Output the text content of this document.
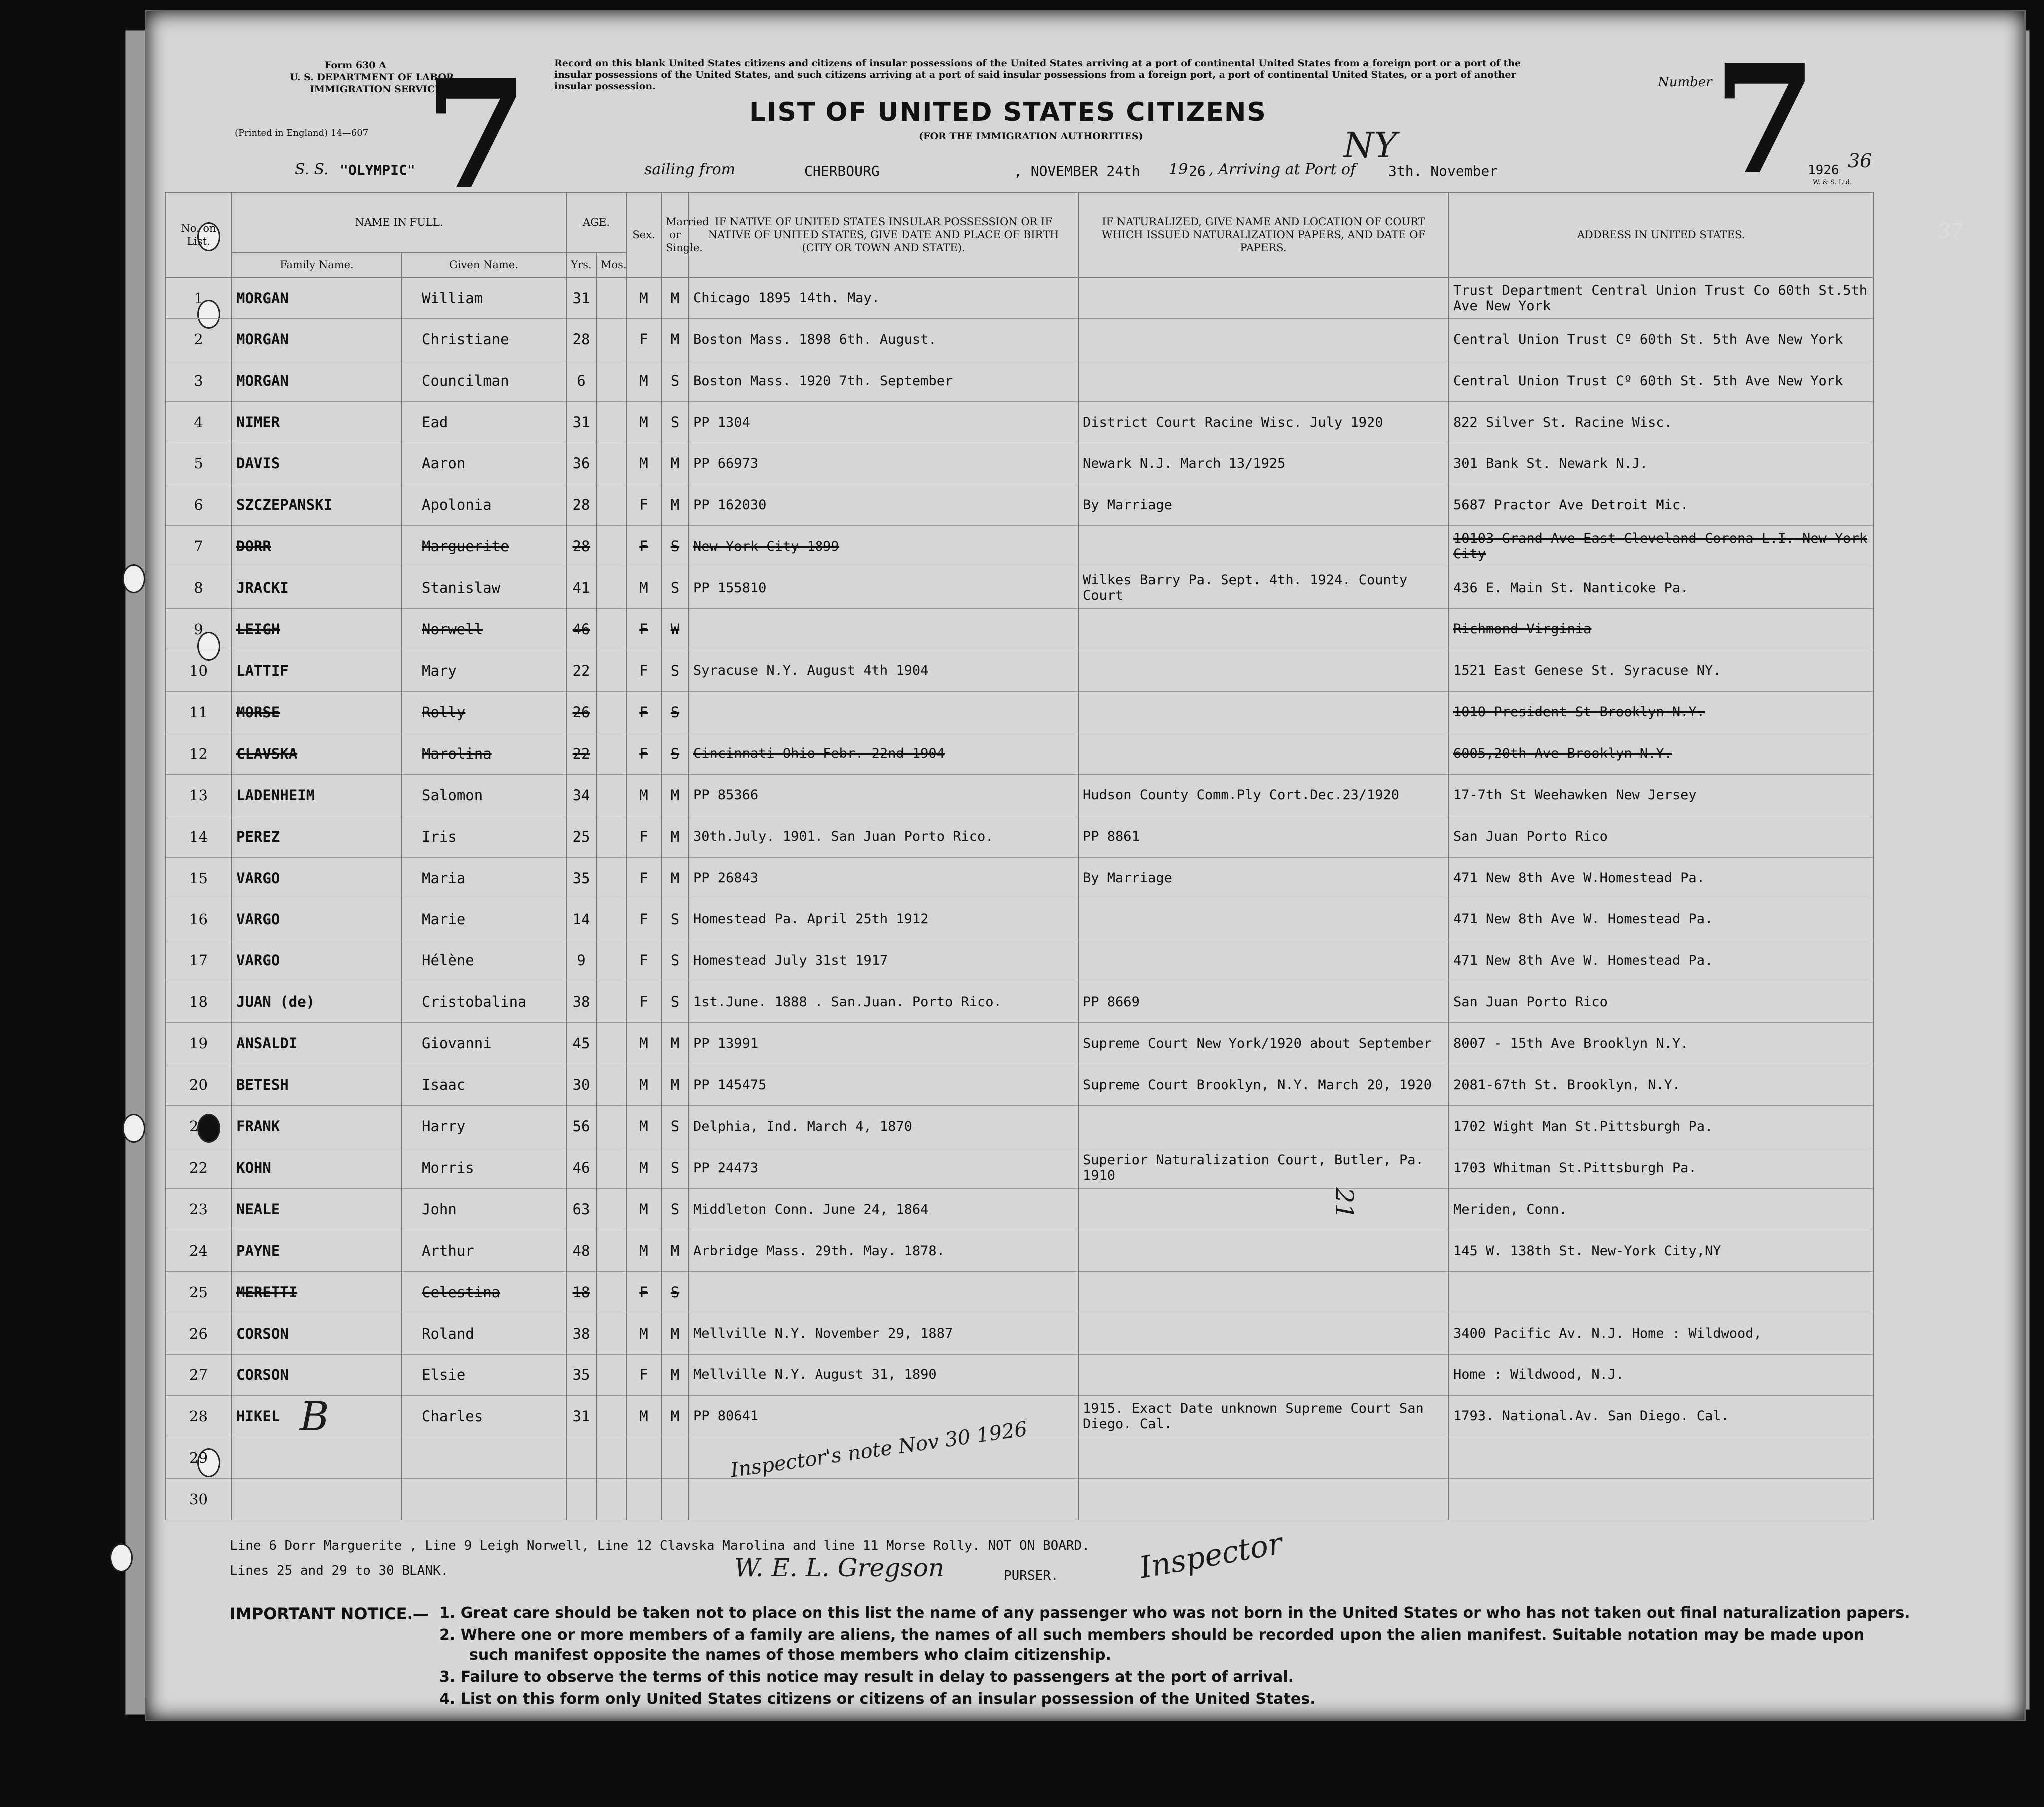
Form 630 A
U. S. DEPARTMENT OF LABOR
IMMIGRATION SERVICE
(Printed in England) 14—607 7	7
Record on this blank United States citizens and citizens of insular possessions of the United States arriving at a port of continental United States from a foreign port or a port of the insular possessions of the United States, and such citizens arriving at a port of said insular possessions from a foreign port, a port of continental United States, or a port of another insular possession.	Number
LIST OF UNITED STATES CITIZENS
(FOR THE IMMIGRATION AUTHORITIES)
S. S. "OLYMPIC"	sailing from	CHERBOURG	, NOVEMBER 24th 19 26 , Arriving at Port of
NY
3th. November	1926 36
W. & S. Ltd.
37
No. on List.	NAME IN FULL.		AGE.		Sex.	Married or Single.	IF NATIVE OF UNITED STATES INSULAR POSSESSION OR IF NATIVE OF UNITED STATES, GIVE DATE AND PLACE OF BIRTH (CITY OR TOWN AND STATE).	IF NATURALIZED, GIVE NAME AND LOCATION OF COURT WHICH ISSUED NATURALIZATION PAPERS, AND DATE OF PAPERS.	ADDRESS IN UNITED STATES.
	Family Name.	Given Name.	Yrs.	Mos.					
1	MORGAN	William	31		M	M	Chicago 1895 14th. May.		Trust Department Central Union Trust Co 60th St.5th Ave New York
2	MORGAN	Christiane	28		F	M	Boston Mass. 1898 6th. August.		Central Union Trust Cº 60th St. 5th Ave New York
3	MORGAN	Councilman	6		M	S	Boston Mass. 1920 7th. September		Central Union Trust Cº 60th St. 5th Ave New York
4	NIMER	Ead	31		M	S	PP 1304	District Court Racine Wisc. July 1920	822 Silver St. Racine Wisc.
5	DAVIS	Aaron	36		M	M	PP 66973	Newark N.J. March 13/1925	301 Bank St. Newark N.J.
6	SZCZEPANSKI	Apolonia	28		F	M	PP 162030	By Marriage	5687 Practor Ave Detroit Mic.
7	DORR	Marguerite	28		F	S	New York City 1899		10103 Grand Ave East Cleveland Corona L.I. New York City
8	JRACKI	Stanislaw	41		M	S	PP 155810	Wilkes Barry Pa. Sept. 4th. 1924. County Court	436 E. Main St. Nanticoke Pa.
9	LEIGH	Norwell	46		F	W			Richmond Virginia
10	LATTIF	Mary	22		F	S	Syracuse N.Y. August 4th 1904		1521 East Genese St. Syracuse NY.
11	MORSE	Rolly	26		F	S			1010 President St Brooklyn N.Y.
12	CLAVSKA	Marolina	22		F	S	Cincinnati Ohio Febr. 22nd 1904		6005,20th Ave Brooklyn N.Y.
13	LADENHEIM	Salomon	34		M	M	PP 85366	Hudson County Comm.Ply Cort.Dec.23/1920	17-7th St Weehawken New Jersey
14	PEREZ	Iris	25		F	M	30th.July. 1901. San Juan Porto Rico.	PP 8861	San Juan Porto Rico
15	VARGO	Maria	35		F	M	PP 26843	By Marriage	471 New 8th Ave W.Homestead Pa.
16	VARGO	Marie	14		F	S	Homestead Pa. April 25th 1912		471 New 8th Ave W. Homestead Pa.
17	VARGO	Hélène	9		F	S	Homestead July 31st 1917		471 New 8th Ave W. Homestead Pa.
18	JUAN (de)	Cristobalina	38		F	S	1st.June. 1888 . San.Juan. Porto Rico.	PP 8669	San Juan Porto Rico
19	ANSALDI	Giovanni	45		M	M	PP 13991	Supreme Court New York/1920 about September	8007 - 15th Ave Brooklyn N.Y.
20	BETESH	Isaac	30		M	M	PP 145475	Supreme Court Brooklyn, N.Y. March 20, 1920	2081-67th St. Brooklyn, N.Y.
21	FRANK	Harry	56		M	S	Delphia, Ind. March 4, 1870		1702 Wight Man St.Pittsburgh Pa.
22	KOHN	Morris	46		M	S	PP 24473	Superior Naturalization Court, Butler, Pa. 1910	1703 Whitman St.Pittsburgh Pa.
23	NEALE	John	63		M	S	Middleton Conn. June 24, 1864		Meriden, Conn.
24	PAYNE	Arthur	48		M	M	Arbridge Mass. 29th. May. 1878.		145 W. 138th St. New-York City,NY
25	MERETTI	Celestina	18		F	S			
26	CORSON	Roland	38		M	M	Mellville N.Y. November 29, 1887		3400 Pacific Av. N.J. Home : Wildwood,
27	CORSON	Elsie	35		F	M	Mellville N.Y. August 31, 1890		Home : Wildwood, N.J.
28	HIKEL	Charles	31		M	M	PP 80641	1915. Exact Date unknown Supreme Court San Diego. Cal.	1793. National.Av. San Diego. Cal.
29									
30									
B
Inspector's note Nov 30 1926
21
Line 6 Dorr Marguerite , Line 9 Leigh Norwell, Line 12 Clavska Marolina and line 11 Morse Rolly. NOT ON BOARD.
Lines 25 and 29 to 30 BLANK.	W. E. L. Gregson	PURSER.	Inspector
IMPORTANT NOTICE.— 1. Great care should be taken not to place on this list the name of any passenger who was not born in the United States or who has not taken out final naturalization papers.
2. Where one or more members of a family are aliens, the names of all such members should be recorded upon the alien manifest. Suitable notation may be made upon
such manifest opposite the names of those members who claim citizenship.
3. Failure to observe the terms of this notice may result in delay to passengers at the port of arrival.
4. List on this form only United States citizens or citizens of an insular possession of the United States.
